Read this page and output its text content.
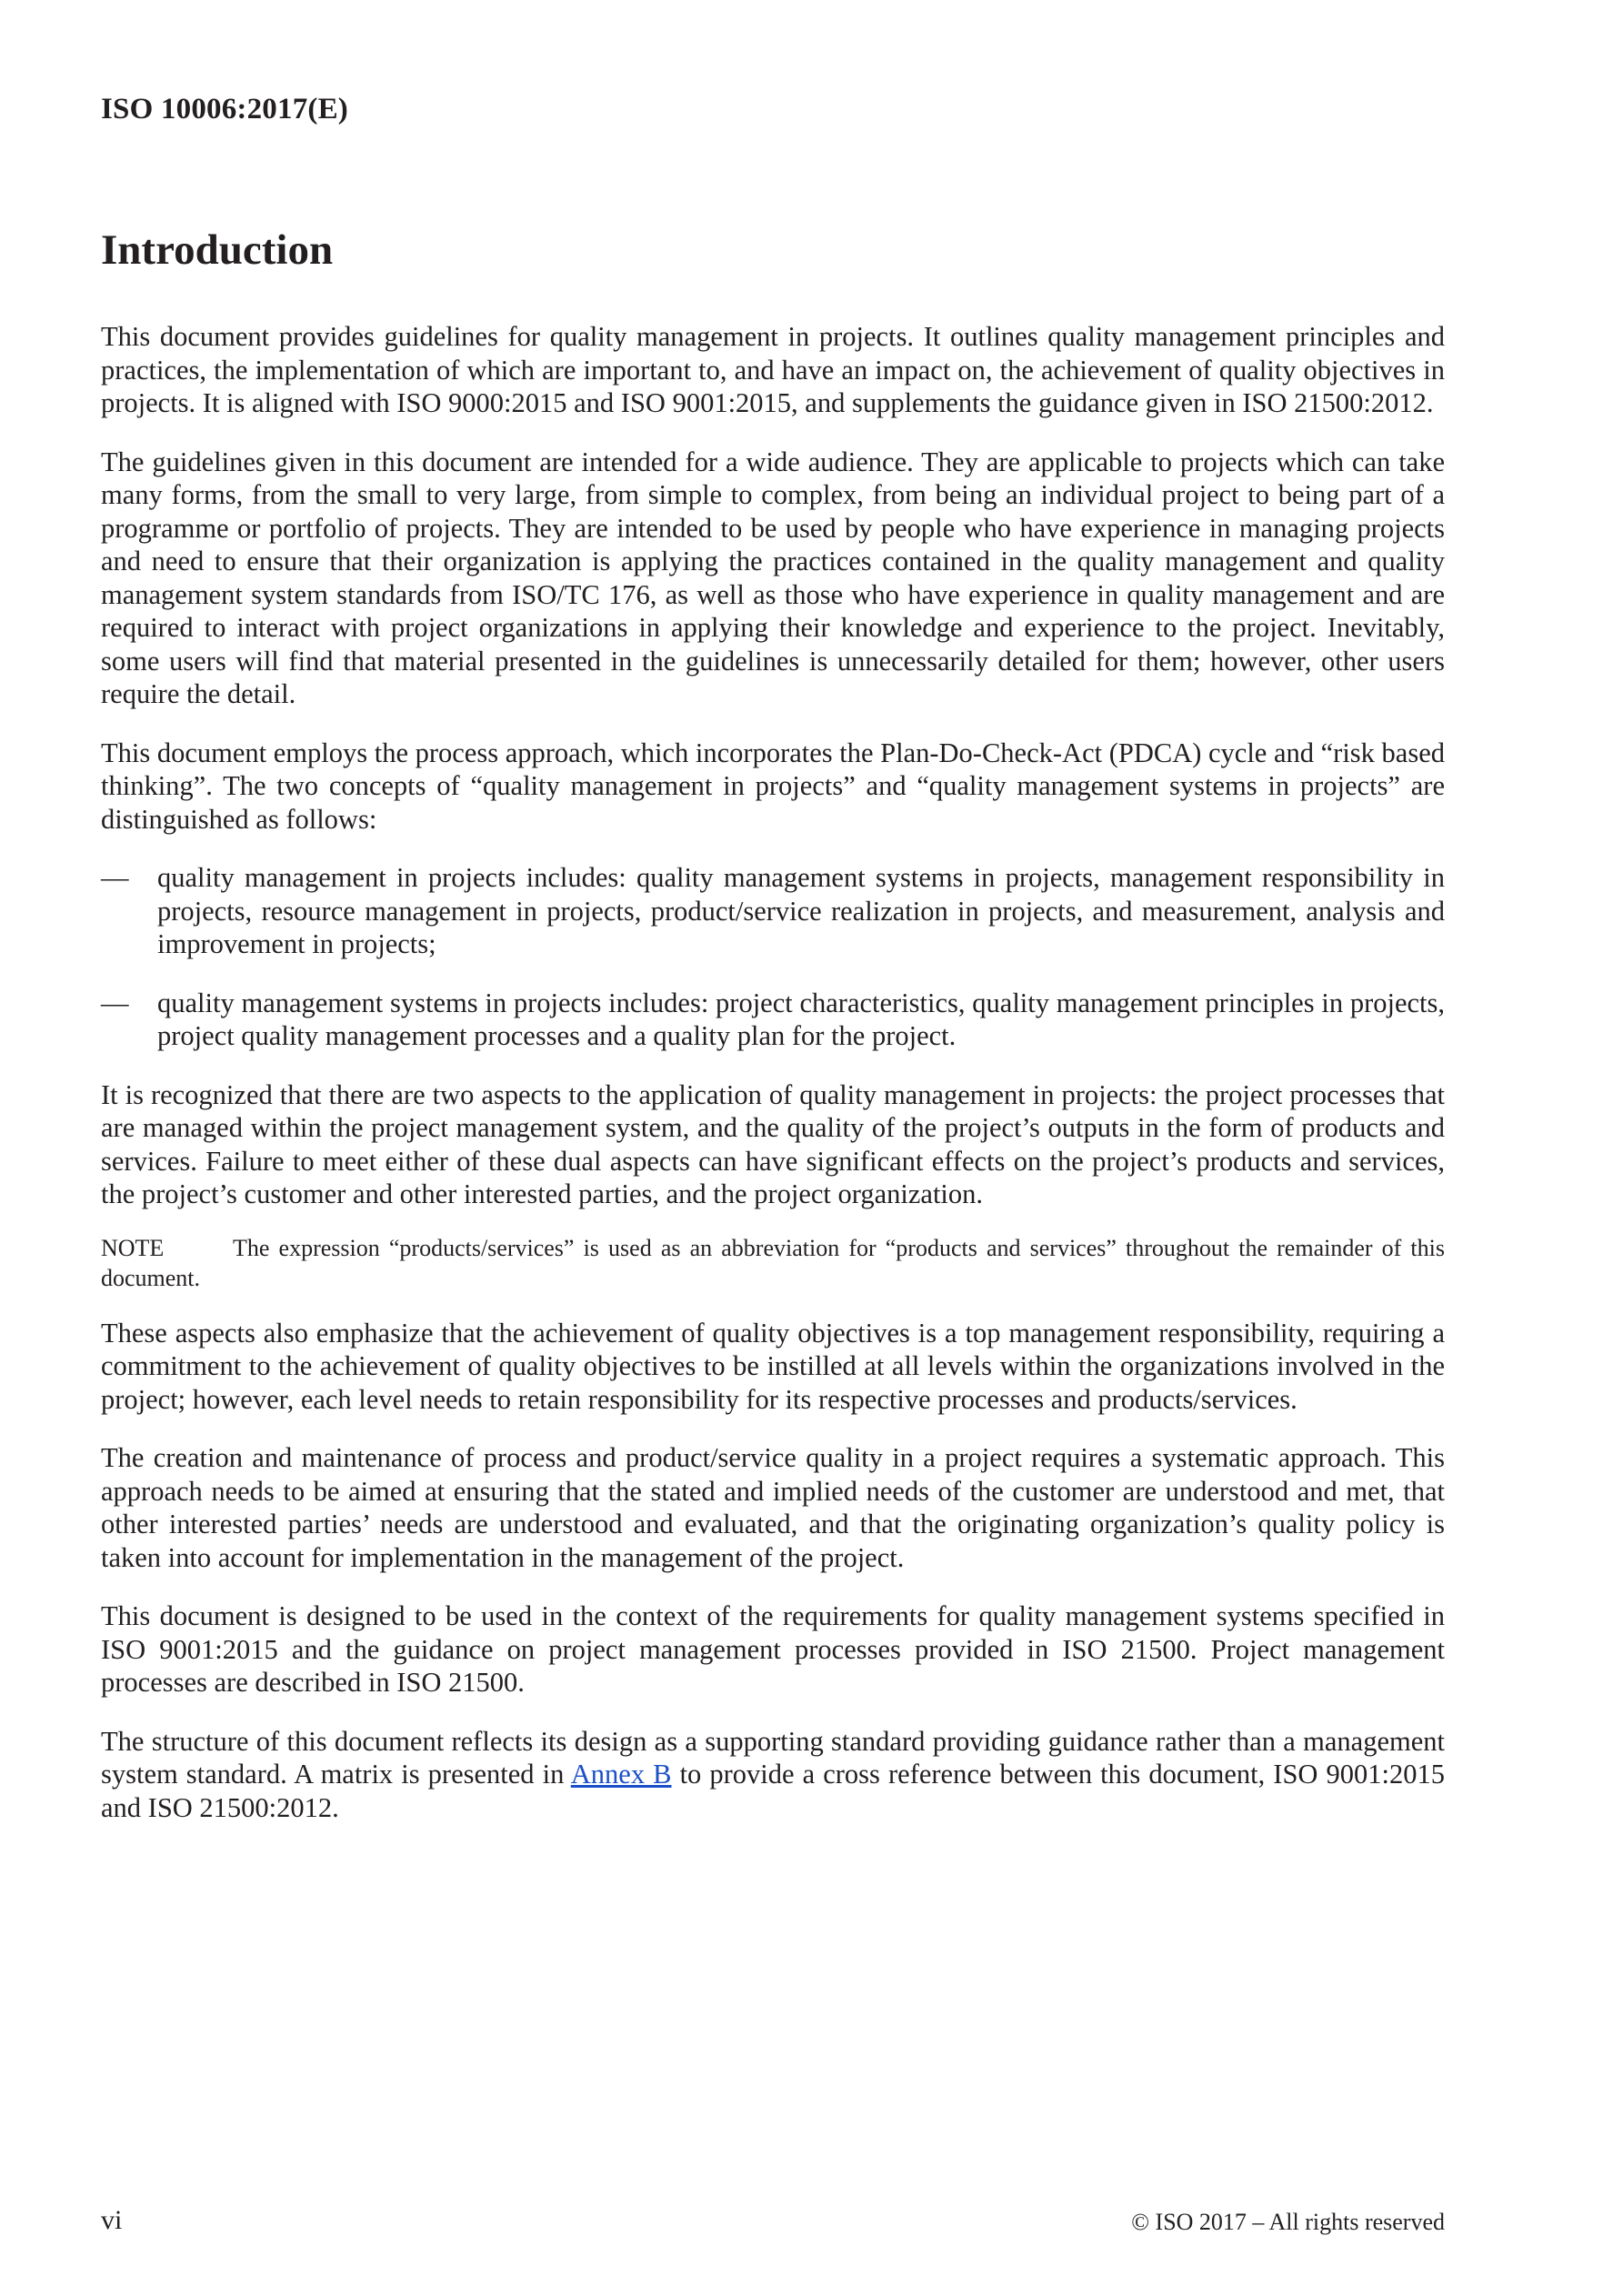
ISO 10006:2017(E)
Introduction

This document provides guidelines for quality management in projects. It outlines quality management principles and practices, the implementation of which are important to, and have an impact on, the achievement of quality objectives in projects. It is aligned with ISO 9000:2015 and ISO 9001:2015, and supplements the guidance given in ISO 21500:2012.

The guidelines given in this document are intended for a wide audience. They are applicable to projects which can take many forms, from the small to very large, from simple to complex, from being an individual project to being part of a programme or portfolio of projects. They are intended to be used by people who have experience in managing projects and need to ensure that their organization is applying the practices contained in the quality management and quality management system standards from ISO/TC 176, as well as those who have experience in quality management and are required to interact with project organizations in applying their knowledge and experience to the project. Inevitably, some users will find that material presented in the guidelines is unnecessarily detailed for them; however, other users require the detail.

This document employs the process approach, which incorporates the Plan-Do-Check-Act (PDCA) cycle and “risk based thinking”. The two concepts of “quality management in projects” and “quality management systems in projects” are distinguished as follows:

— quality management in projects includes: quality management systems in projects, management responsibility in projects, resource management in projects, product/service realization in projects, and measurement, analysis and improvement in projects;
— quality management systems in projects includes: project characteristics, quality management principles in projects, project quality management processes and a quality plan for the project.

It is recognized that there are two aspects to the application of quality management in projects: the project processes that are managed within the project management system, and the quality of the project’s outputs in the form of products and services. Failure to meet either of these dual aspects can have significant effects on the project’s products and services, the project’s customer and other interested parties, and the project organization.

NOTE	The expression “products/services” is used as an abbreviation for “products and services” throughout the remainder of this document.

These aspects also emphasize that the achievement of quality objectives is a top management responsibility, requiring a commitment to the achievement of quality objectives to be instilled at all levels within the organizations involved in the project; however, each level needs to retain responsibility for its respective processes and products/services.

The creation and maintenance of process and product/service quality in a project requires a systematic approach. This approach needs to be aimed at ensuring that the stated and implied needs of the customer are understood and met, that other interested parties’ needs are understood and evaluated, and that the originating organization’s quality policy is taken into account for implementation in the management of the project.

This document is designed to be used in the context of the requirements for quality management systems specified in ISO 9001:2015 and the guidance on project management processes provided in ISO 21500. Project management processes are described in ISO 21500.

The structure of this document reflects its design as a supporting standard providing guidance rather than a management system standard. A matrix is presented in Annex B to provide a cross reference between this document, ISO 9001:2015 and ISO 21500:2012.

vi	© ISO 2017 – All rights reserved
